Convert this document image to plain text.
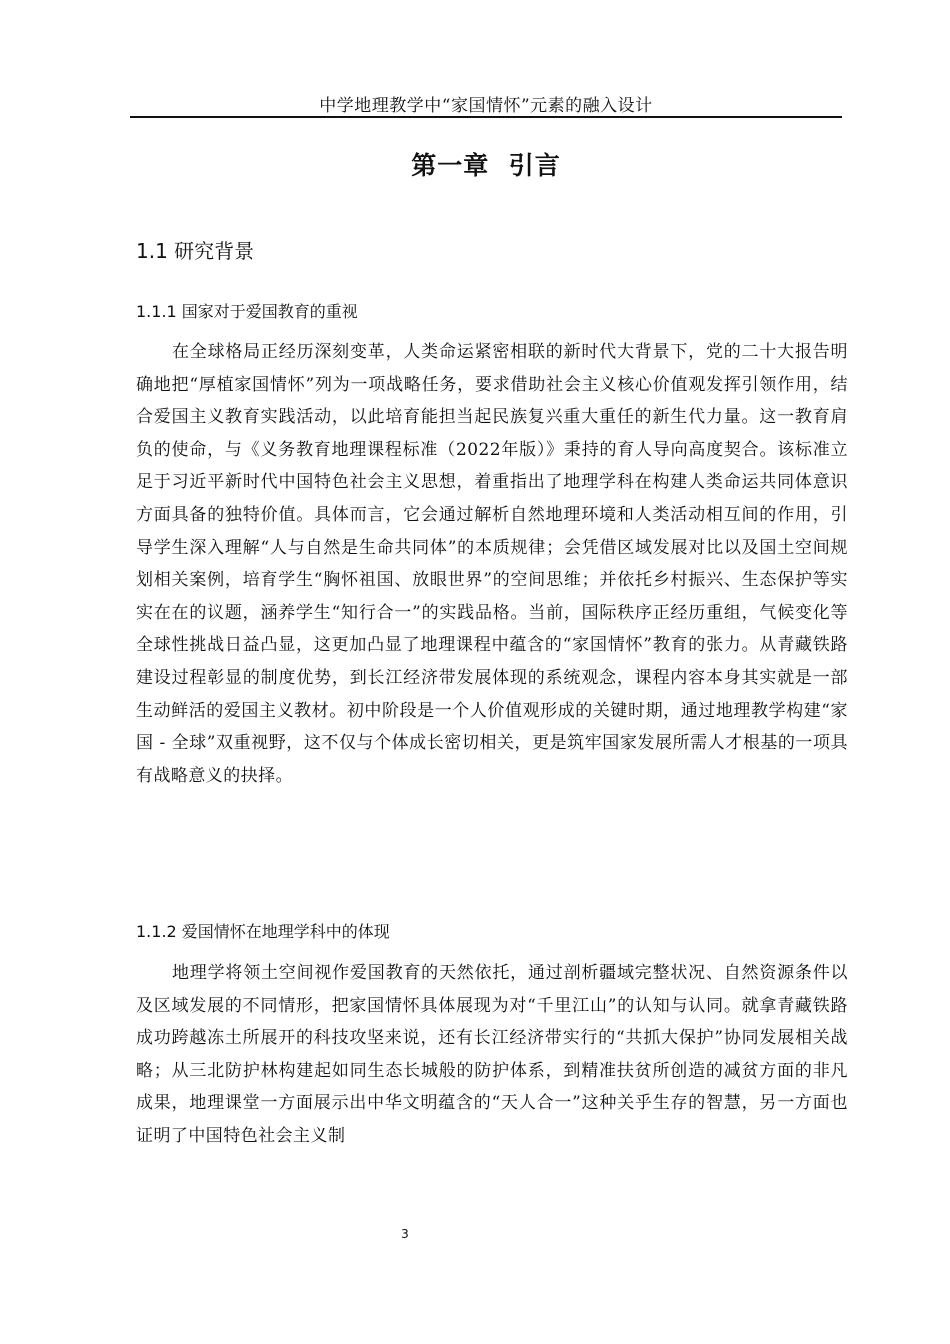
中学地理教学中“家国情怀”元素的融入设计
第一章  引言
1.1 研究背景
1.1.1 国家对于爱国教育的重视

在全球格局正经历深刻变革，人类命运紧密相联的新时代大背景下，党的二十大报告明确地把“厚植家国情怀”列为一项战略任务，要求借助社会主义核心价值观发挥引领作用，结合爱国主义教育实践活动，以此培育能担当起民族复兴重大重任的新生代力量。这一教育肩负的使命，与《义务教育地理课程标准（2022年版）》秉持的育人导向高度契合。该标准立足于习近平新时代中国特色社会主义思想，着重指出了地理学科在构建人类命运共同体意识方面具备的独特价值。具体而言，它会通过解析自然地理环境和人类活动相互间的作用，引导学生深入理解“人与自然是生命共同体”的本质规律；会凭借区域发展对比以及国土空间规划相关案例，培育学生“胸怀祖国、放眼世界”的空间思维；并依托乡村振兴、生态保护等实实在在的议题，涵养学生“知行合一”的实践品格。当前，国际秩序正经历重组，气候变化等全球性挑战日益凸显，这更加凸显了地理课程中蕴含的“家国情怀”教育的张力。从青藏铁路建设过程彰显的制度优势，到长江经济带发展体现的系统观念，课程内容本身其实就是一部生动鲜活的爱国主义教材。初中阶段是一个人价值观形成的关键时期，通过地理教学构建“家国 - 全球”双重视野，这不仅与个体成长密切相关，更是筑牢国家发展所需人才根基的一项具有战略意义的抉择。

1.1.2 爱国情怀在地理学科中的体现

地理学将领土空间视作爱国教育的天然依托，通过剖析疆域完整状况、自然资源条件以及区域发展的不同情形，把家国情怀具体展现为对“千里江山”的认知与认同。就拿青藏铁路成功跨越冻土所展开的科技攻坚来说，还有长江经济带实行的“共抓大保护”协同发展相关战略；从三北防护林构建起如同生态长城般的防护体系，到精准扶贫所创造的减贫方面的非凡成果，地理课堂一方面展示出中华文明蕴含的“天人合一”这种关乎生存的智慧，另一方面也证明了中国特色社会主义制

3
